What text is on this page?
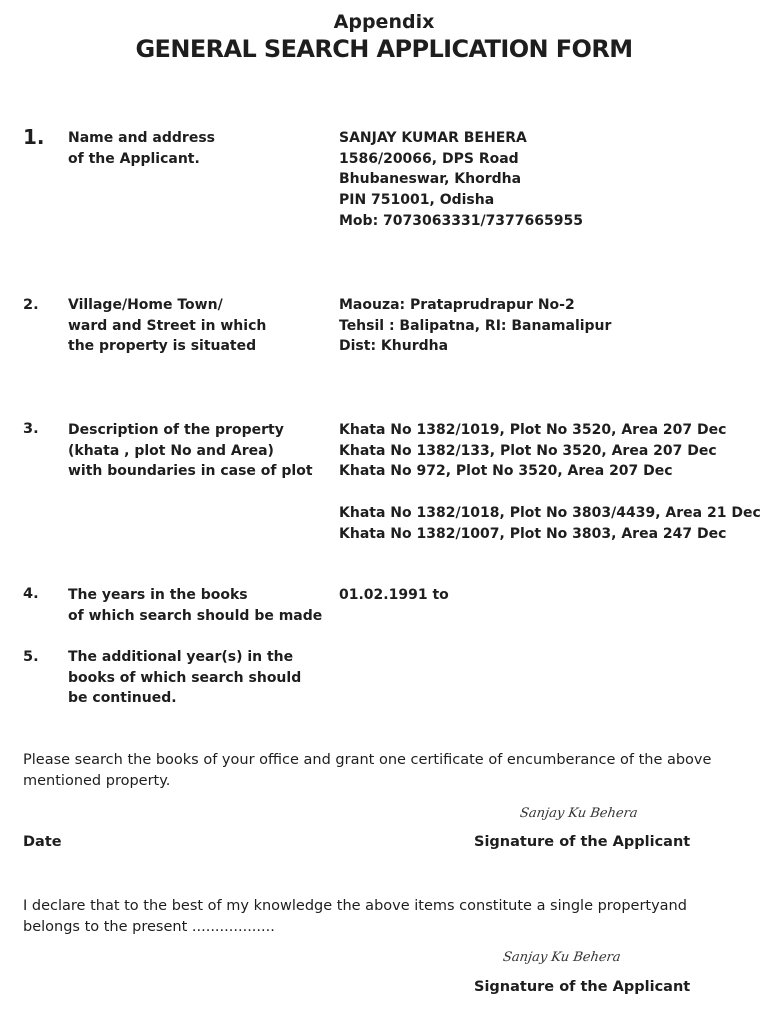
Appendix
GENERAL SEARCH APPLICATION FORM
1. Name and address
of the Applicant.
SANJAY KUMAR BEHERA
1586/20066, DPS Road
Bhubaneswar, Khordha
PIN 751001, Odisha
Mob: 7073063331/7377665955
2. Village/Home Town/
ward and Street in which
the property is situated
Maouza: Prataprudrapur No-2
Tehsil : Balipatna, RI: Banamalipur
Dist: Khurdha
3. Description of the property
(khata , plot No and Area)
with boundaries in case of plot
Khata No 1382/1019, Plot No 3520, Area 207 Dec
Khata No 1382/133, Plot No 3520, Area 207 Dec
Khata No 972, Plot No 3520, Area 207 Dec

Khata No 1382/1018, Plot No 3803/4439, Area 21 Dec
Khata No 1382/1007, Plot No 3803, Area 247 Dec
4. The years in the books
of which search should be made
01.02.1991 to
5. The additional year(s) in the
books of which search should
be continued.
Please search the books of your office and grant one certificate of encumberance of the above mentioned property.
Sanjay Ku Behera
Date	Signature of the Applicant
I declare that to the best of my knowledge the above items constitute a single propertyand belongs to the present ..................
Sanjay Ku Behera
Signature of the Applicant
